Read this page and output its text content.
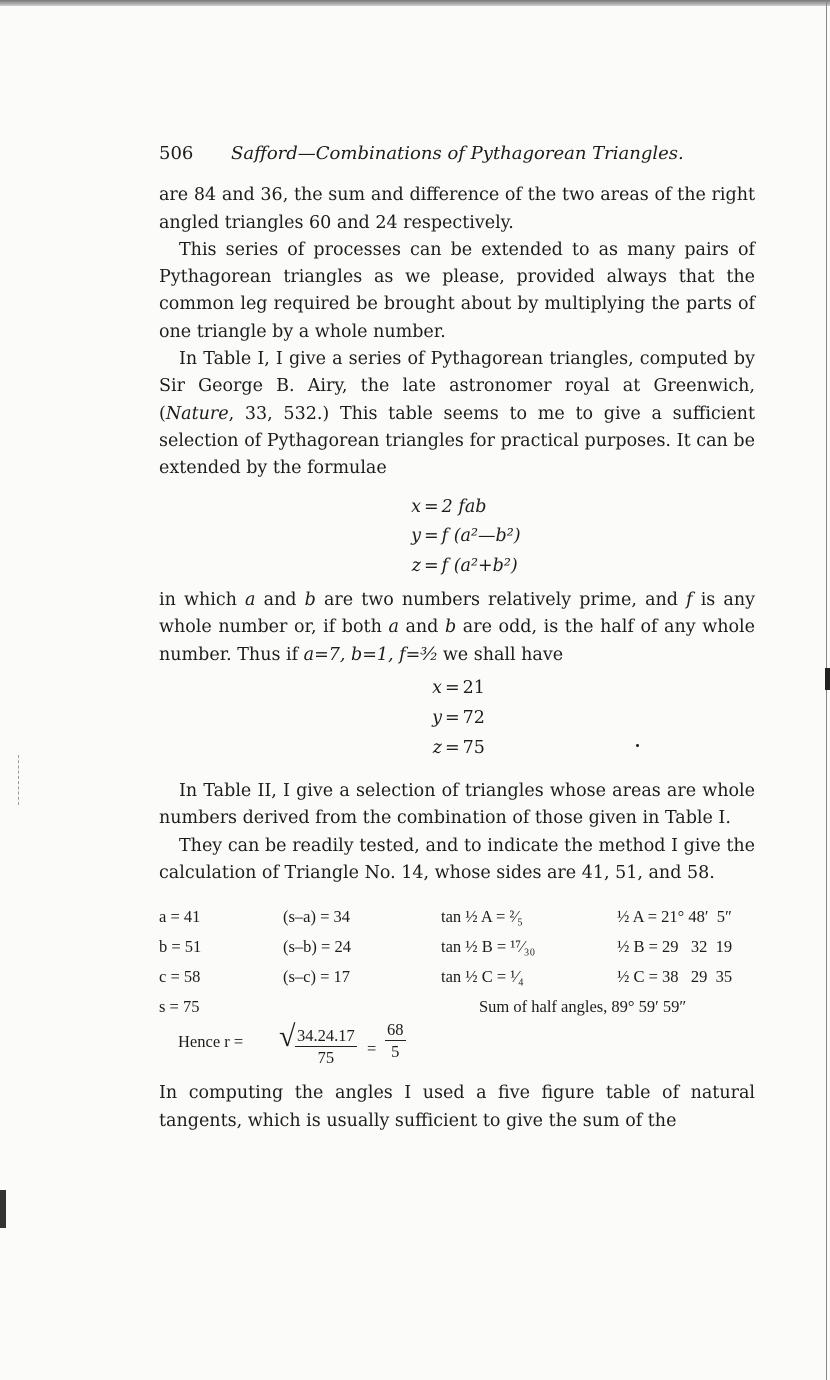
506	Safford—Combinations of Pythagorean Triangles.

are 84 and 36, the sum and difference of the two areas of the right angled triangles 60 and 24 respectively.

This series of processes can be extended to as many pairs of Pythagorean triangles as we please, provided always that the common leg required be brought about by multiplying the parts of one triangle by a whole number.

In Table I, I give a series of Pythagorean triangles, computed by Sir George B. Airy, the late astronomer royal at Greenwich, (Nature, 33, 532.) This table seems to me to give a sufficient selection of Pythagorean triangles for practical purposes. It can be extended by the formulae

x = 2 fab
y = f (a²—b²)
z = f (a²+b²)

in which a and b are two numbers relatively prime, and f is any whole number or, if both a and b are odd, is the half of any whole number. Thus if a=7, b=1, f=³⁄₂ we shall have

x = 21
y = 72
z = 75

In Table II, I give a selection of triangles whose areas are whole numbers derived from the combination of those given in Table I.

They can be readily tested, and to indicate the method I give the calculation of Triangle No. 14, whose sides are 41, 51, and 58.

a = 41
b = 51
c = 58
s = 75
(s–a) = 34
(s–b) = 24
(s–c) = 17
tan ½ A = ²⁄₅
tan ½ B = ¹⁷⁄₃₀
tan ½ C = ¹⁄₄
½ A = 21° 48′  5″
½ B = 29   32  19
½ C = 38   29  35
Sum of half angles, 89° 59′ 59″
Hence r = √ $\frac{34.24.17}{75} = \frac{68}{5}$

In computing the angles I used a five figure table of natural tangents, which is usually sufficient to give the sum of the
